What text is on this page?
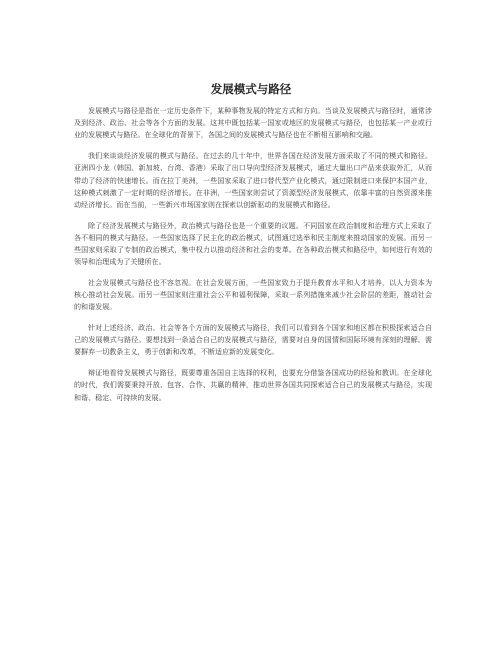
发展模式与路径

发展模式与路径是指在一定历史条件下，某种事物发展的特定方式和方向。当谈及发展模式与路径时，通常涉及到经济、政治、社会等各个方面的发展。这其中既包括某一国家或地区的发展模式与路径，也包括某一产业或行业的发展模式与路径。在全球化的背景下，各国之间的发展模式与路径也在不断相互影响和交融。

我们来谈谈经济发展的模式与路径。在过去的几十年中，世界各国在经济发展方面采取了不同的模式和路径。亚洲四小龙（韩国、新加坡、台湾、香港）采取了出口导向型经济发展模式，通过大量出口产品来获取外汇，从而带动了经济的快速增长。而在拉丁美洲，一些国家采取了进口替代型产业化模式，通过限制进口来保护本国产业，这种模式刺激了一定时期的经济增长。在非洲，一些国家则尝试了资源型经济发展模式，依靠丰富的自然资源来推动经济增长。而在当前，一些新兴市场国家则在探索以创新驱动的发展模式和路径。

除了经济发展模式与路径外，政治模式与路径也是一个重要的议题。不同国家在政治制度和治理方式上采取了各不相同的模式与路径。一些国家选择了民主化的政治模式，试图通过选举和民主制度来推动国家的发展。而另一些国家则采取了专制的政治模式，集中权力以推动经济和社会的变革。在各种政治模式和路径中，如何进行有效的领导和治理成为了关键所在。

社会发展模式与路径也不容忽视。在社会发展方面，一些国家致力于提升教育水平和人才培养，以人力资本为核心推动社会发展。而另一些国家则注重社会公平和福利保障，采取一系列措施来减少社会阶层的差距，推动社会的和谐发展。

针对上述经济、政治、社会等各个方面的发展模式与路径，我们可以看到各个国家和地区都在积极探索适合自己的发展模式与路径。要想找到一条适合自己的发展模式与路径，需要对自身的国情和国际环境有深刻的理解。需要摒弃一切教条主义，勇于创新和改革，不断适应新的发展变化。

辩证地看待发展模式与路径，既要尊重各国自主选择的权利，也要充分借鉴各国成功的经验和教训。在全球化的时代，我们需要秉持开放、包容、合作、共赢的精神，推动世界各国共同探索适合自己的发展模式与路径，实现和谐、稳定、可持续的发展。
